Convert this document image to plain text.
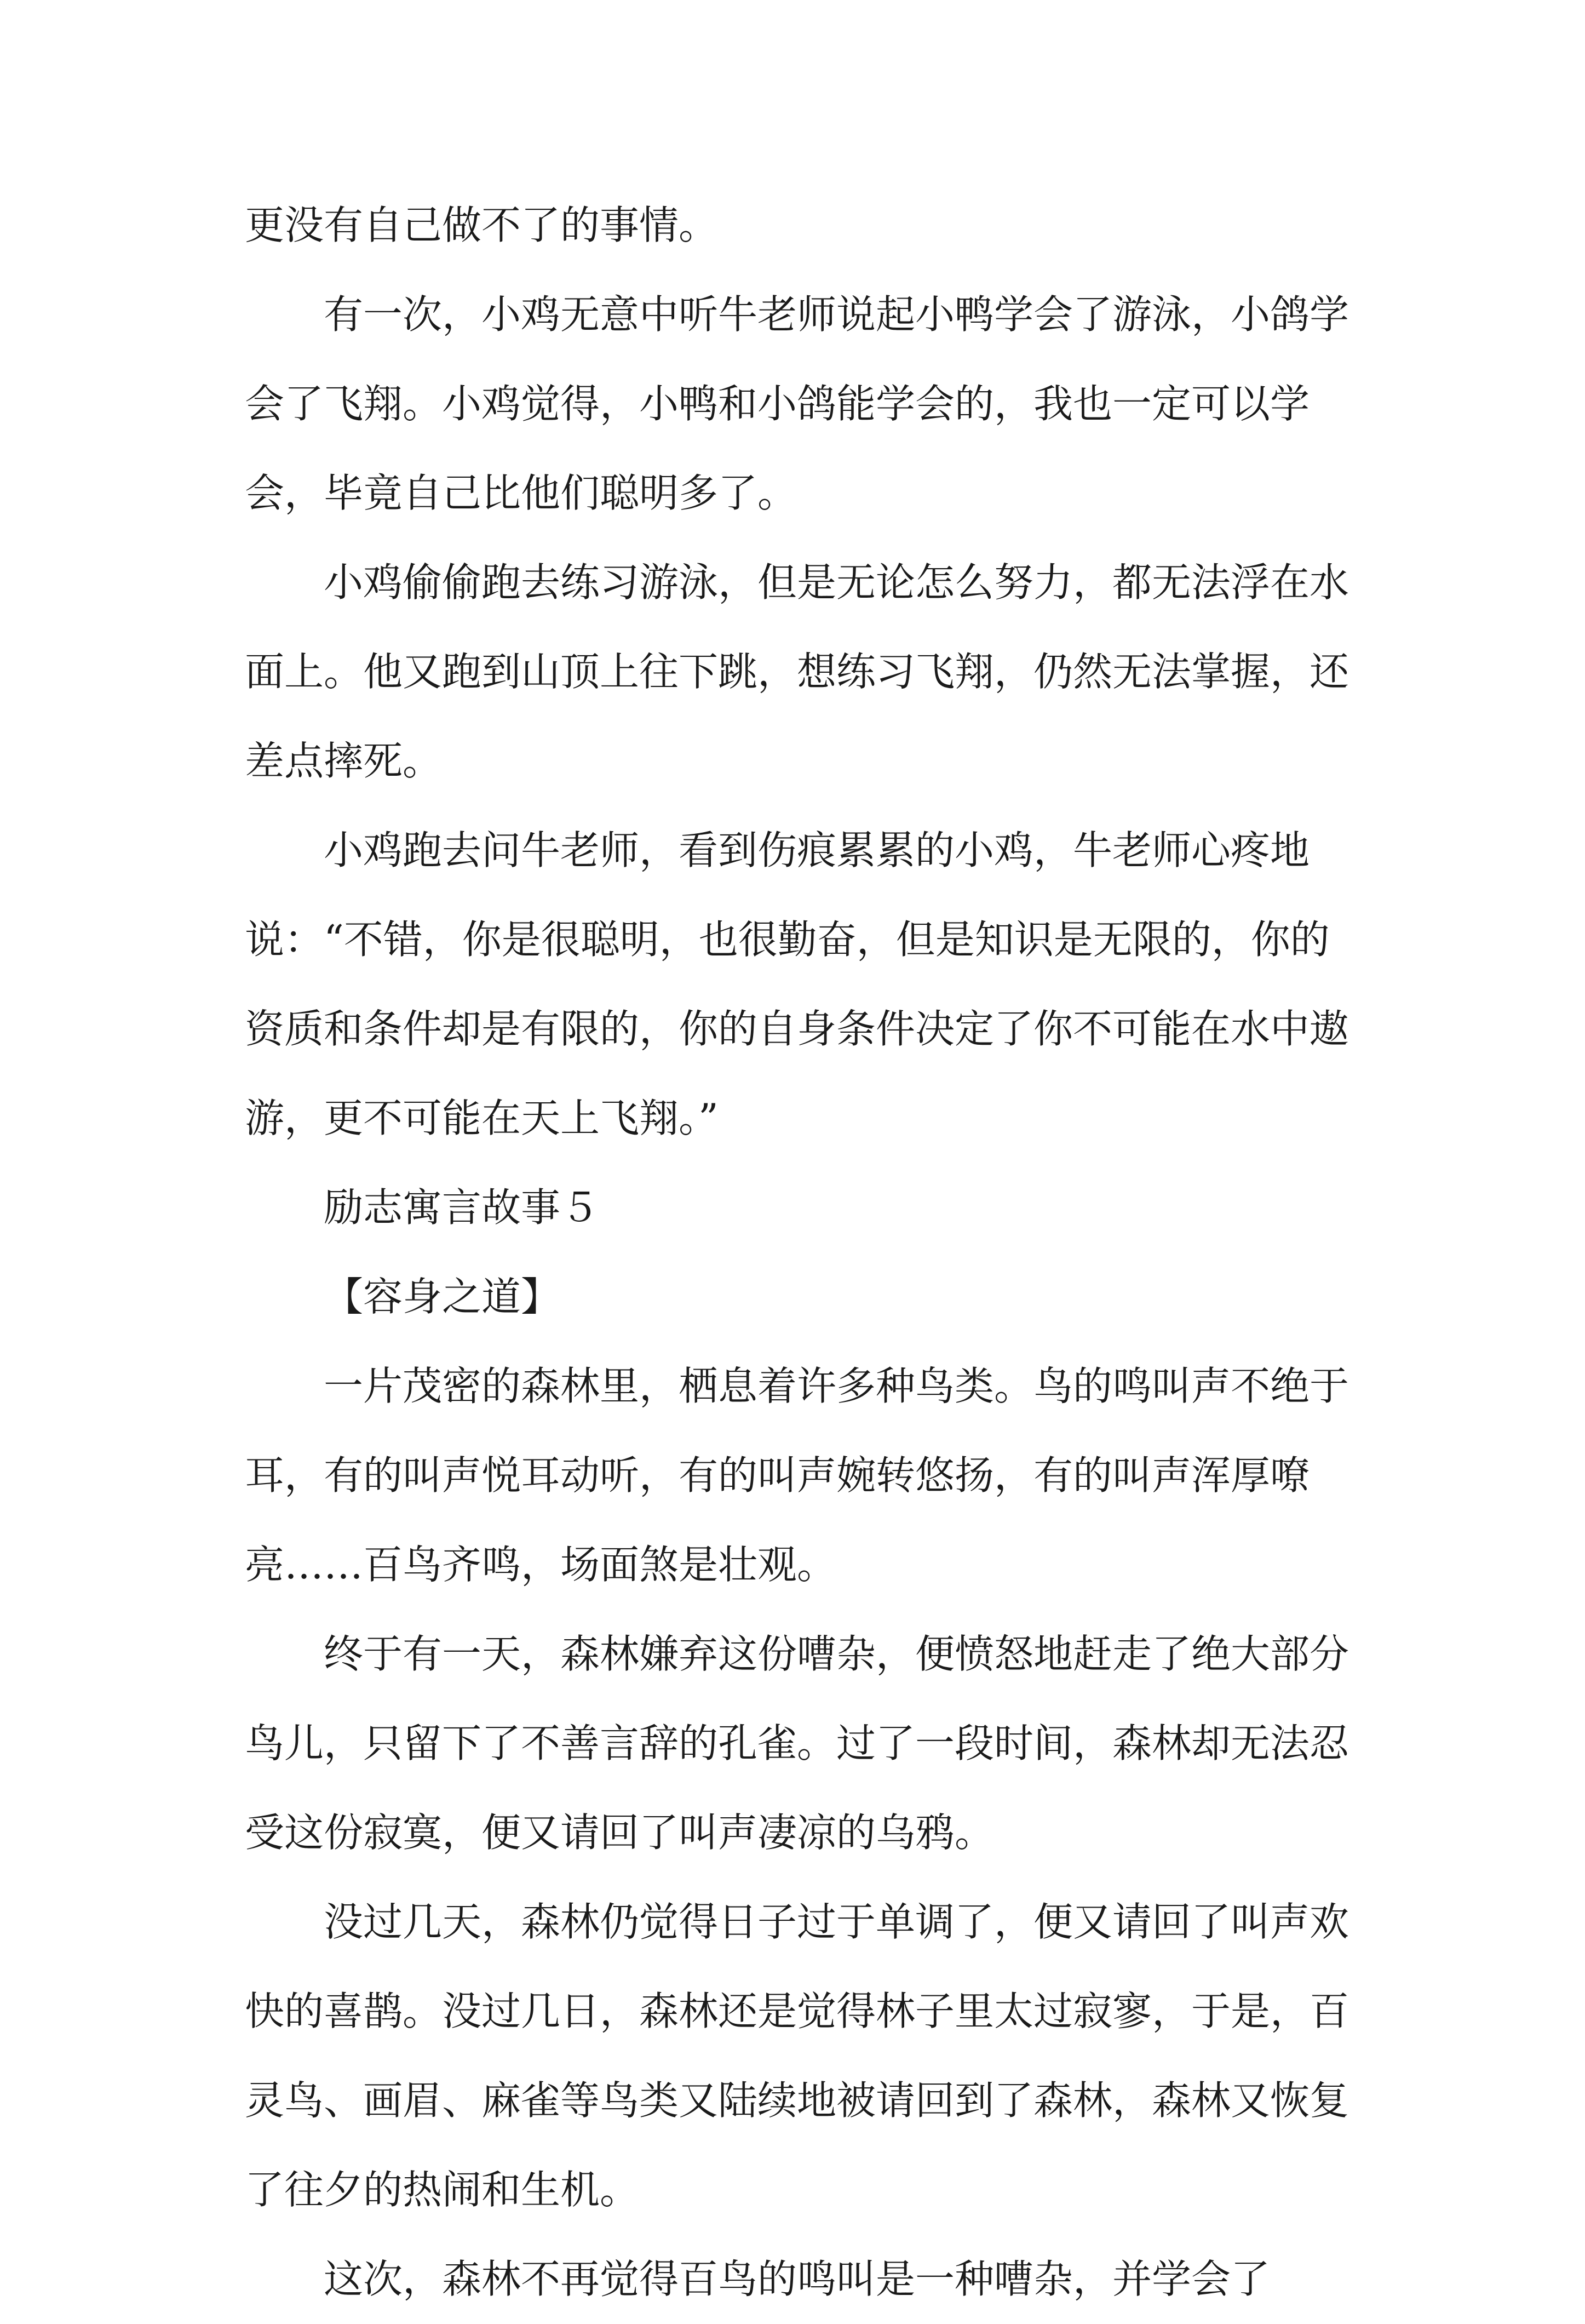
更没有自己做不了的事情。

有一次，小鸡无意中听牛老师说起小鸭学会了游泳，小鸽学会了飞翔。小鸡觉得，小鸭和小鸽能学会的，我也一定可以学会，毕竟自己比他们聪明多了。

小鸡偷偷跑去练习游泳，但是无论怎么努力，都无法浮在水面上。他又跑到山顶上往下跳，想练习飞翔，仍然无法掌握，还差点摔死。

小鸡跑去问牛老师，看到伤痕累累的小鸡，牛老师心疼地说：“不错，你是很聪明，也很勤奋，但是知识是无限的，你的资质和条件却是有限的，你的自身条件决定了你不可能在水中遨游，更不可能在天上飞翔。”

励志寓言故事５

【容身之道】

一片茂密的森林里，栖息着许多种鸟类。鸟的鸣叫声不绝于耳，有的叫声悦耳动听，有的叫声婉转悠扬，有的叫声浑厚嘹亮……百鸟齐鸣，场面煞是壮观。

终于有一天，森林嫌弃这份嘈杂，便愤怒地赶走了绝大部分鸟儿，只留下了不善言辞的孔雀。过了一段时间，森林却无法忍受这份寂寞，便又请回了叫声凄凉的乌鸦。

没过几天，森林仍觉得日子过于单调了，便又请回了叫声欢快的喜鹊。没过几日，森林还是觉得林子里太过寂寥，于是，百灵鸟、画眉、麻雀等鸟类又陆续地被请回到了森林，森林又恢复了往夕的热闹和生机。

这次，森林不再觉得百鸟的鸣叫是一种嘈杂，并学会了
